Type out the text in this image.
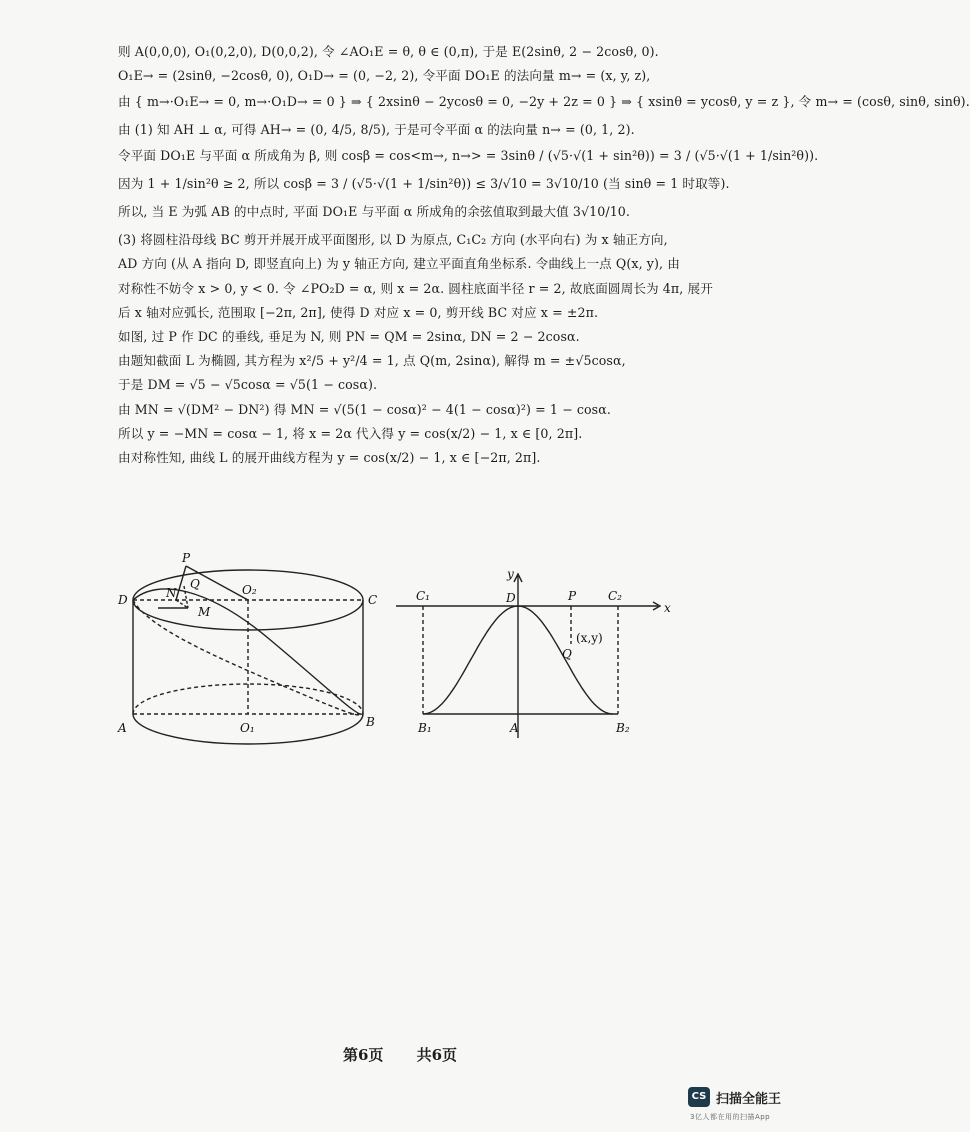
则 A(0,0,0), O₁(0,2,0), D(0,0,2), 令 ∠AO₁E = θ, θ ∈ (0,π), 于是 E(2sinθ, 2 − 2cosθ, 0).
O₁E→ = (2sinθ, −2cosθ, 0), O₁D→ = (0, −2, 2), 令平面 DO₁E 的法向量 m→ = (x, y, z),
由 { m→·O₁E→ = 0, m→·O₁D→ = 0 } ⇒ { 2xsinθ − 2ycosθ = 0, −2y + 2z = 0 } ⇒ { xsinθ = ycosθ, y = z }, 令 m→ = (cosθ, sinθ, sinθ).
由 (1) 知 AH ⊥ α, 可得 AH→ = (0, 4/5, 8/5), 于是可令平面 α 的法向量 n→ = (0, 1, 2).
令平面 DO₁E 与平面 α 所成角为 β, 则 cosβ = cos<m→, n→> = 3sinθ / (√5·√(1 + sin²θ)) = 3 / (√5·√(1 + 1/sin²θ)).
因为 1 + 1/sin²θ ≥ 2, 所以 cosβ = 3 / (√5·√(1 + 1/sin²θ)) ≤ 3/√10 = 3√10/10 (当 sinθ = 1 时取等).
所以, 当 E 为弧 AB 的中点时, 平面 DO₁E 与平面 α 所成角的余弦值取到最大值 3√10/10.
(3) 将圆柱沿母线 BC 剪开并展开成平面图形, 以 D 为原点, C₁C₂ 方向 (水平向右) 为 x 轴正方向,
AD 方向 (从 A 指向 D, 即竖直向上) 为 y 轴正方向, 建立平面直角坐标系. 令曲线上一点 Q(x, y), 由
对称性不妨令 x > 0, y < 0. 令 ∠PO₂D = α, 则 x = 2α. 圆柱底面半径 r = 2, 故底面圆周长为 4π, 展开
后 x 轴对应弧长, 范围取 [−2π, 2π], 使得 D 对应 x = 0, 剪开线 BC 对应 x = ±2π.
如图, 过 P 作 DC 的垂线, 垂足为 N, 则 PN = QM = 2sinα, DN = 2 − 2cosα.
由题知截面 L 为椭圆, 其方程为 x²/5 + y²/4 = 1, 点 Q(m, 2sinα), 解得 m = ±√5cosα,
于是 DM = √5 − √5cosα = √5(1 − cosα).
由 MN = √(DM² − DN²) 得 MN = √(5(1 − cosα)² − 4(1 − cosα)²) = 1 − cosα.
所以 y = −MN = cosα − 1, 将 x = 2α 代入得 y = cos(x/2) − 1, x ∈ [0, 2π].
由对称性知, 曲线 L 的展开曲线方程为 y = cos(x/2) − 1, x ∈ [−2π, 2π].
P
Q
N
D
O₂
C
M
A	O₁	B
y
C₁	D	P	C₂
x
Q
(x,y)
B₁	A	B₂
第6页 共6页
CS 扫描全能王
3亿人都在用的扫描App
